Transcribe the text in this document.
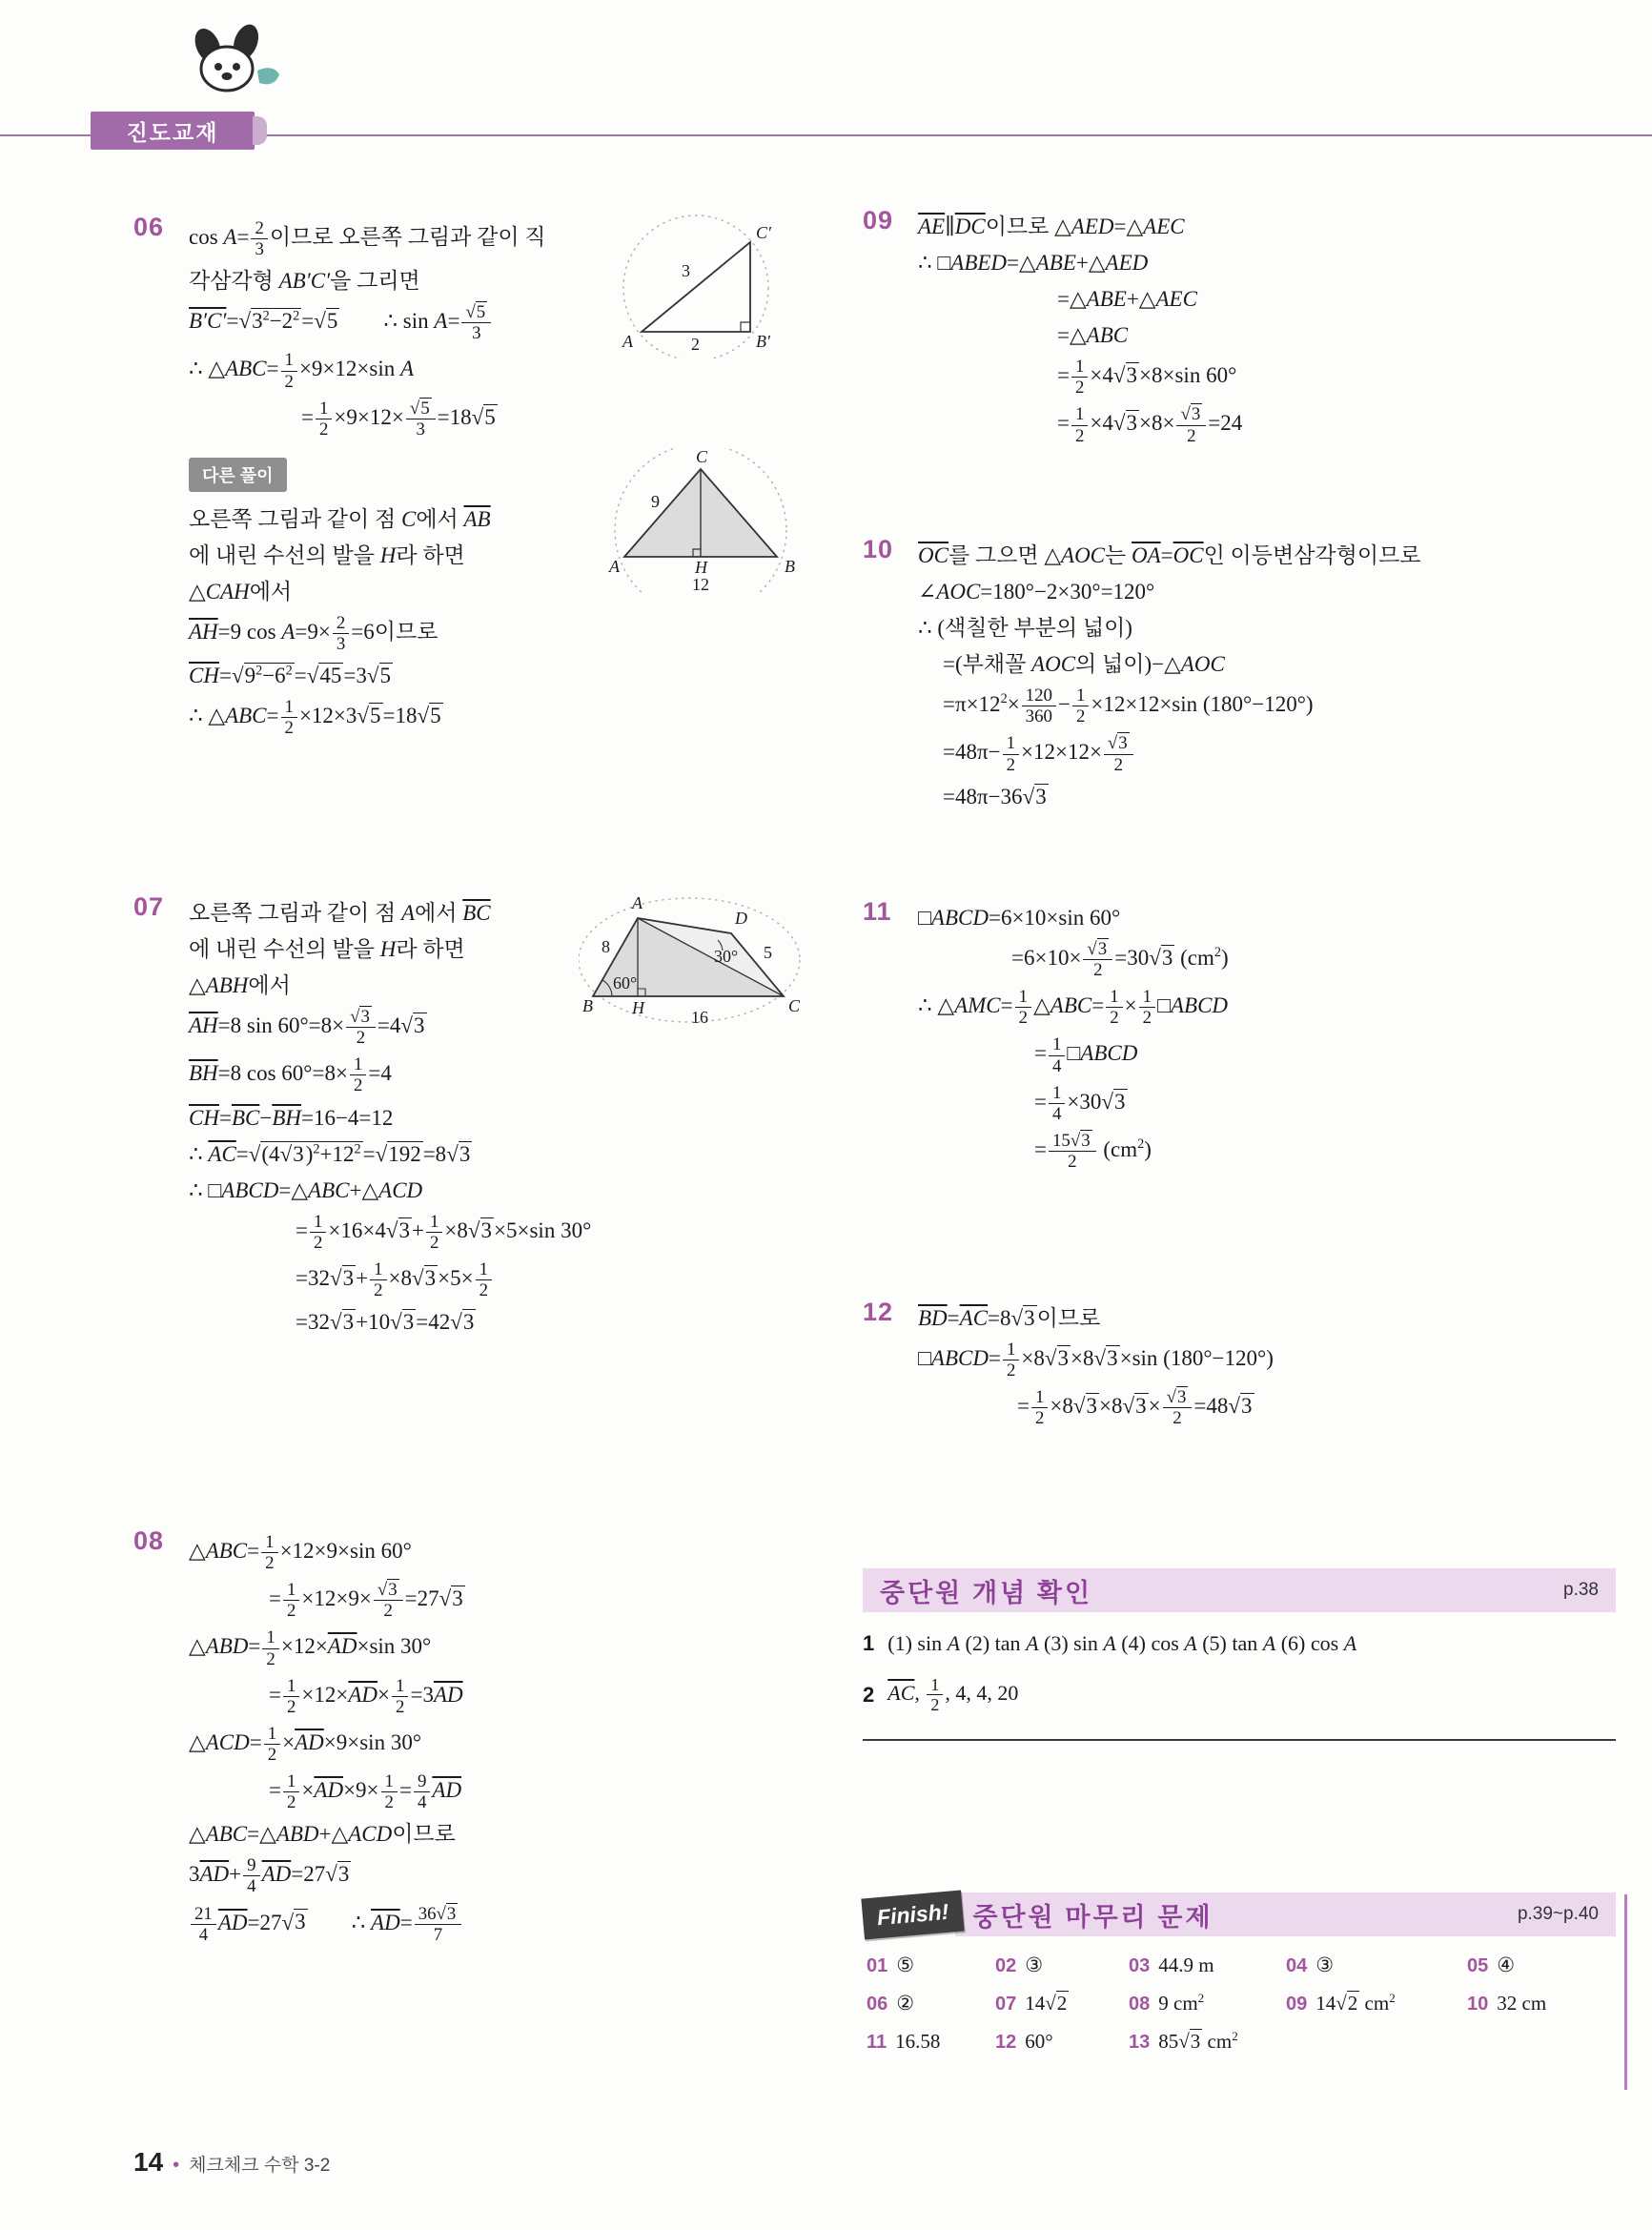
진도교재
06	C′
3
A	2	B′
$\cos A= \frac{2}{3}$ 이므로 오른쪽 그림과 같이 직
각삼각형 AB′C′을 그리면
$B'C'=√3^2-2^2=√5$ ∴ $\sin A= \frac{√5}{3}$
∴ △ABC= $\frac{1}{2} \times 9\times 12\times\sin$ A
= $\frac{1}{2} \times 9\times 12\times \frac{√5}{3} =18√5$
다른 풀이
C
9
A	H	B
12
오른쪽 그림과 같이 점 C에서 $\overline{AB}$
에 내린 수선의 발을 H라 하면
△CAH에서
$\overline{AH}=9$ $\cos A=9\times \frac{2}{3} =6$이므로
$\overline{CH}=√9^2-6^2=√45=3√5$
∴ △ABC= $\frac{1}{2} \times 12\times 3√5=18√5$
07	A
D
8
60°
30° 5
B H	C
16
오른쪽 그림과 같이 점 A에서 $\overline{BC}$
에 내린 수선의 발을 H라 하면
△ABH에서
$\overline{AH}=8$ $\sin 60^\circ=8\times \frac{√3}{2} =4√3$
$\overline{BH}=8$ $\cos 60^\circ=8\times \frac{1}{2} =4$
$\overline{CH}=\overline{BC}-\overline{BH}=16-4=12$
∴ $\overline{AC}=√(4√3)^2+12^2=√192=8√3$
∴ □ABCD=△ABC+△ACD
= $\frac{1}{2} \times 16\times 4√3+ \frac{1}{2} \times 8√3\times 5\times\sin$ 30°
$=32√3+ \frac{1}{2} \times 8√3\times 5\times \frac{1}{2}$
=32√3+10√3=42√3
08	△ABC= $\frac{1}{2} \times 12\times 9\times\sin$ 60°
= $\frac{1}{2} \times 12\times 9\times \frac{√3}{2} =27√3$
△ABD= $\frac{1}{2} \times 12\times\overline{AD}\times\sin$ 30°
= $\frac{1}{2} \times 12\times\overline{AD}\times \frac{1}{2} =3\overline{AD}$
△ACD= $\frac{1}{2} \times\overline{AD}\times 9\times\sin$ 30°
= $\frac{1}{2} \times\overline{AD}\times 9\times \frac{1}{2} = \frac{9}{4} \overline{AD}$
△ABC=△ABD+△ACD이므로
$3\overline{AD}+ \frac{9}{4} \overline{AD}=27√3$
$\frac{21}{4} \overline{AD}=27√3$ ∴ $\overline{AD}= \frac{36√3}{7}$
09	$\overline{AE}\parallel\overline{DC}$이므로 △AED=△AEC
∴ □ABED=△ABE+△AED
=△ABE+△AEC
=△ABC
= $\frac{1}{2} \times 4√3\times 8\times\sin$ 60°
= $\frac{1}{2} \times 4√3\times 8\times \frac{√3}{2} =24$
10	$\overline{OC}$를 그으면 △AOC는 $\overline{OA}=\overline{OC}$인 이등변삼각형이므로
∠AOC=180°−2×30°=120°
∴ (색칠한 부분의 넓이)
=(부채꼴 AOC의 넓이)−△AOC
$=\pi\times 12^2\times \frac{120}{360} - \frac{1}{2} \times 12\times 12\times\sin$ (180°−120°)
$=48\pi- \frac{1}{2} \times 12\times 12\times \frac{√3}{2}$
=48π−36√3
11	□ABCD=6×10×sin 60°
$=6\times 10\times \frac{√3}{2} =30√3$ $(cm^2)$
∴ △AMC= $\frac{1}{2}$ △ABC= $\frac{1}{2} \times \frac{1}{2}$ □ABCD
= $\frac{1}{4}$ □ABCD
= $\frac{1}{4} \times 30√3$
= $\frac{15√3}{2} (cm^2)$
12	$\overline{BD}=\overline{AC}=8√3$이므로
□ABCD= $\frac{1}{2} \times 8√3\times 8√3\times\sin$ (180°−120°)
= $\frac{1}{2} \times 8√3\times 8√3\times \frac{√3}{2} =48√3$
중단원 개념 확인	p.38
1 (1) sin A (2) tan A (3) sin A (4) cos A (5) tan A (6) cos A
2 $\overline{AC}$, $\frac{1}{2}$ , 4, 4, 20
Finish! 중단원 마무리 문제	p.39~p.40
01 ⑤	02 ③	03 44.9 m	04 ③	05 ④
06 ②	07 14√2	08 9 $cm^2$	09 14√2 $cm^2$	10 32 cm
11 16.58	12 60°	13 85√3 $cm^2$
14 • 체크체크 수학 3-2
